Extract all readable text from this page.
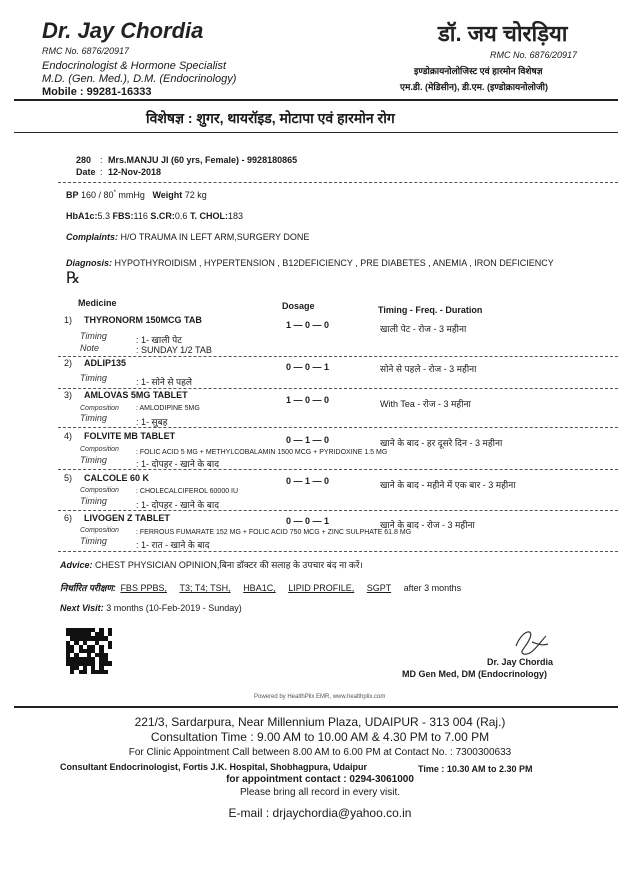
Dr. Jay Chordia
RMC No. 6876/20917
Endocrinologist & Hormone Specialist
M.D. (Gen. Med.), D.M. (Endocrinology)
Mobile : 99281-16333
डॉ. जय चोरड़िया
RMC No. 6876/20917
इण्डोक्रायनोलोजिस्ट एवं हारमोन विशेषज्ञ
एम.डी. (मेडिसीन), डी.एम. (इण्डोक्रायनोलोजी)
विशेषज्ञ : शुगर, थायरॉइड, मोटापा एवं हारमोन रोग
280 : Mrs.MANJU JI (60 yrs, Female) - 9928180865
Date : 12-Nov-2018
BP 160 / 80* mmHg Weight 72 kg
HbA1c:5.3 FBS:116 S.CR:0.6 T. CHOL:183
Complaints: H/O TRAUMA IN LEFT ARM,SURGERY DONE
Diagnosis: HYPOTHYROIDISM , HYPERTENSION , B12DEFICIENCY , PRE DIABETES , ANEMIA , IRON DEFICIENCY
℞
Medicine	Dosage	Timing - Freq. - Duration
1) THYRONORM 150MCG TAB	1 — 0 — 0	खाली पेट - रोज - 3 महीना
Timing	: 1- खाली पेट
Note	: SUNDAY 1/2 TAB
2) ADLIP135	0 — 0 — 1	सोने से पहले - रोज - 3 महीना
Timing	: 1- सोने से पहले
3) AMLOVAS 5MG TABLET	1 — 0 — 0	With Tea - रोज - 3 महीना
Composition : AMLODIPINE 5MG
Timing	: 1- सुबह
4) FOLVITE MB TABLET	0 — 1 — 0	खाने के बाद - हर दूसरे दिन - 3 महीना
Composition : FOLIC ACID 5 MG + METHYLCOBALAMIN 1500 MCG + PYRIDOXINE 1.5 MG
Timing	: 1- दोपहर - खाने के बाद
5) CALCOLE 60 K	0 — 1 — 0	खाने के बाद - महीने में एक बार - 3 महीना
Composition : CHOLECALCIFEROL 60000 IU
Timing	: 1- दोपहर - खाने के बाद
6) LIVOGEN Z TABLET	0 — 0 — 1	खाने के बाद - रोज - 3 महीना
Composition : FERROUS FUMARATE 152 MG + FOLIC ACID 750 MCG + ZINC SULPHATE 61.8 MG
Timing	: 1- रात - खाने के बाद
Advice: CHEST PHYSICIAN OPINION,बिना डॉक्टर की सलाह के उपचार बंद ना करें।
निर्धारित परीक्षण: FBS PPBS, T3; T4; TSH, HBA1C, LIPID PROFILE, SGPT after 3 months
Next Visit: 3 months (10-Feb-2019 - Sunday)
Dr. Jay Chordia
MD Gen Med, DM (Endocrinology)
Powered by HealthPlix EMR, www.healthplix.com
221/3, Sardarpura, Near Millennium Plaza, UDAIPUR - 313 004 (Raj.)
Consultation Time : 9.00 AM to 10.00 AM & 4.30 PM to 7.00 PM
For Clinic Appointment Call between 8.00 AM to 6.00 PM at Contact No. : 7300300633
Consultant Endocrinologist, Fortis J.K. Hospital, Shobhagpura, Udaipur	Time : 10.30 AM to 2.30 PM
for appointment contact : 0294-3061000
Please bring all record in every visit.
E-mail : drjaychordia@yahoo.co.in
